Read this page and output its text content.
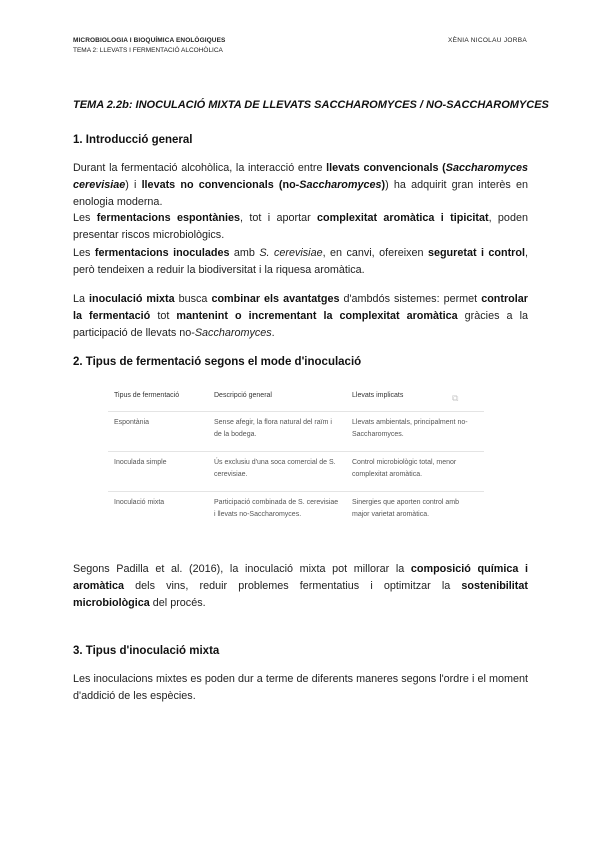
MICROBIOLOGIA I BIOQUÍMICA ENOLÒGIQUES
TEMA 2: LLEVATS I FERMENTACIÓ ALCOHÒLICA
XÈNIA NICOLAU JORBA
TEMA 2.2b: INOCULACIÓ MIXTA DE LLEVATS SACCHAROMYCES / NO-SACCHAROMYCES
1. Introducció general
Durant la fermentació alcohòlica, la interacció entre llevats convencionals (Saccharomyces cerevisiae) i llevats no convencionals (no-Saccharomyces)) ha adquirit gran interès en enologia moderna.
Les fermentacions espontànies, tot i aportar complexitat aromàtica i tipicitat, poden presentar riscos microbiològics.
Les fermentacions inoculades amb S. cerevisiae, en canvi, ofereixen seguretat i control, però tendeixen a reduir la biodiversitat i la riquesa aromàtica.
La inoculació mixta busca combinar els avantatges d'ambdós sistemes: permet controlar la fermentació tot mantenint o incrementant la complexitat aromàtica gràcies a la participació de llevats no-Saccharomyces.
2. Tipus de fermentació segons el mode d'inoculació
⧉
Tipus de fermentació	Descripció general	Llevats implicats
Espontània	Sense afegir, la flora natural del raïm i de la bodega.	Llevats ambientals, principalment no-Saccharomyces.
Inoculada simple	Ús exclusiu d'una soca comercial de S. cerevisiae.	Control microbiològic total, menor complexitat aromàtica.
Inoculació mixta	Participació combinada de S. cerevisiae i llevats no-Saccharomyces.	Sinergies que aporten control amb major varietat aromàtica.
Segons Padilla et al. (2016), la inoculació mixta pot millorar la composició química i aromàtica dels vins, reduir problemes fermentatius i optimitzar la sostenibilitat microbiològica del procés.
3. Tipus d'inoculació mixta
Les inoculacions mixtes es poden dur a terme de diferents maneres segons l'ordre i el moment d'addició de les espècies.
